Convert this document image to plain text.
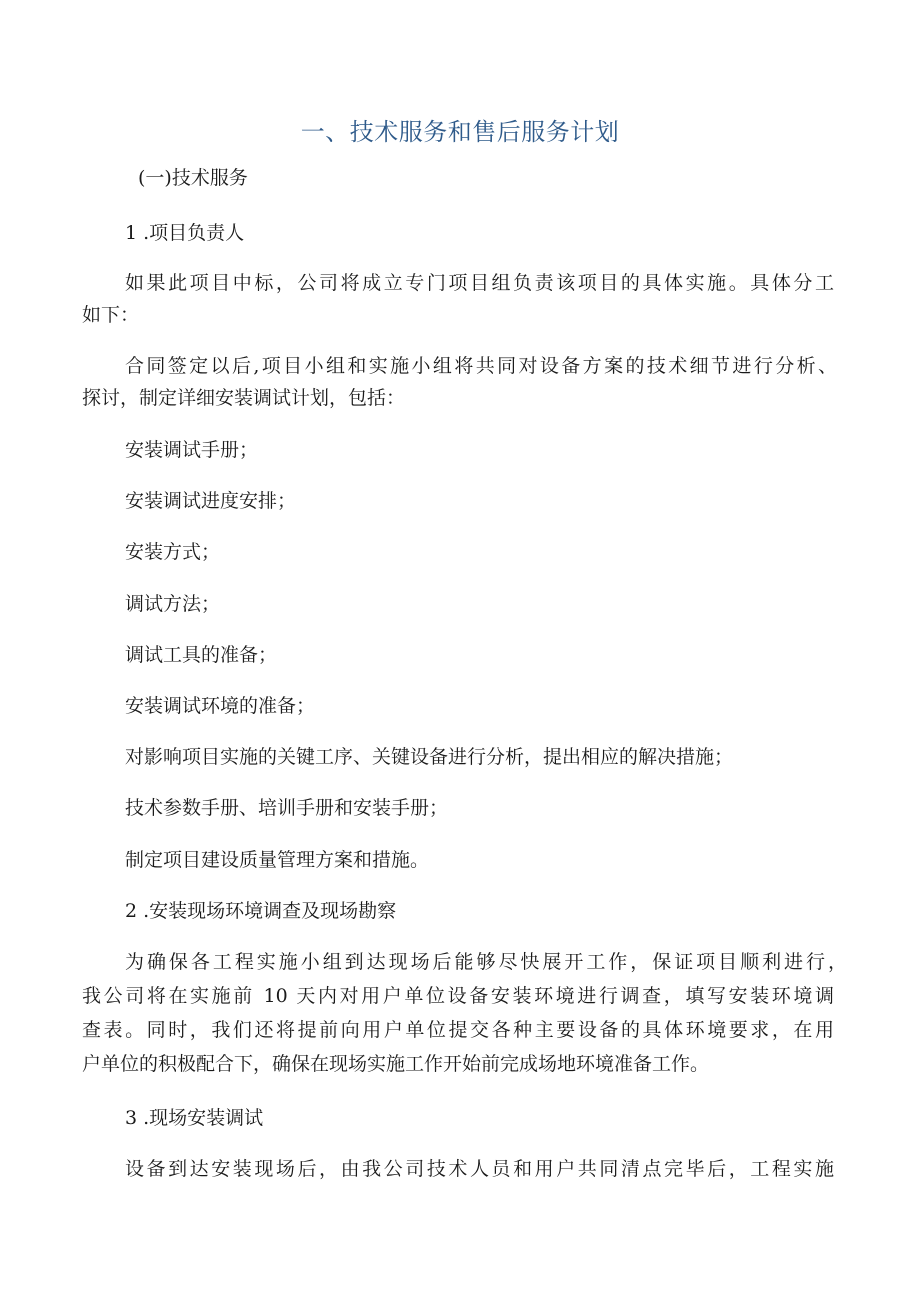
一、技术服务和售后服务计划
(一)技术服务
1 .项目负责人
如果此项目中标，公司将成立专门项目组负责该项目的具体实施。具体分工
如下：
合同签定以后,项目小组和实施小组将共同对设备方案的技术细节进行分析、
探讨，制定详细安装调试计划，包括：
安装调试手册；
安装调试进度安排；
安装方式；
调试方法；
调试工具的准备；
安装调试环境的准备；
对影响项目实施的关键工序、关键设备进行分析，提出相应的解决措施；
技术参数手册、培训手册和安装手册；
制定项目建设质量管理方案和措施。
2 .安装现场环境调查及现场勘察
为确保各工程实施小组到达现场后能够尽快展开工作，保证项目顺利进行，
我公司将在实施前 10 天内对用户单位设备安装环境进行调查，填写安装环境调
查表。同时，我们还将提前向用户单位提交各种主要设备的具体环境要求，在用
户单位的积极配合下，确保在现场实施工作开始前完成场地环境准备工作。
3 .现场安装调试
设备到达安装现场后，由我公司技术人员和用户共同清点完毕后，工程实施
